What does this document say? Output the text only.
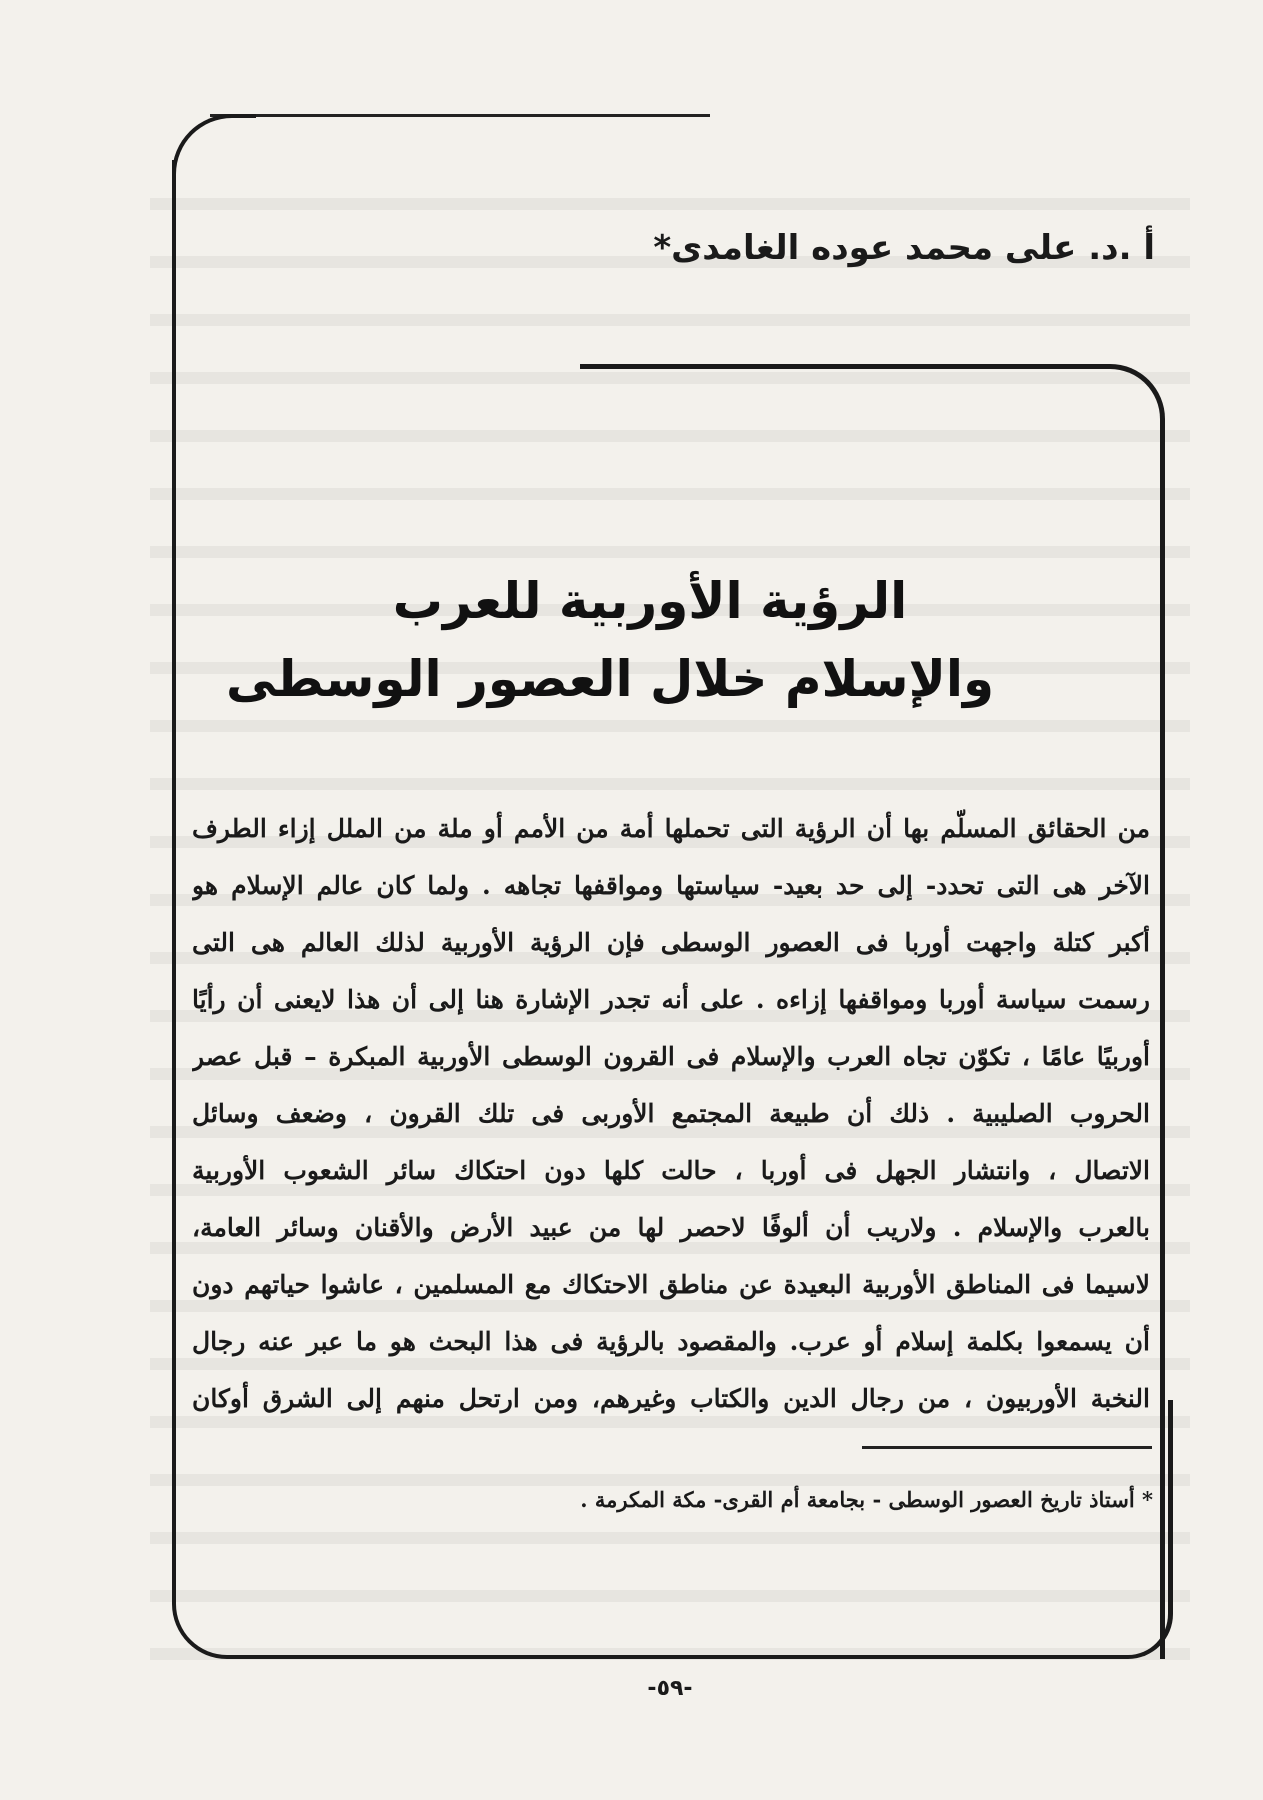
أ .د. على محمد عوده الغامدى*
الرؤية الأوربية للعرب
والإسلام خلال العصور الوسطى
من الحقائق المسلّم بها أن الرؤية التى تحملها أمة من الأمم أو ملة من الملل إزاء الطرف
الآخر هى التى تحدد- إلى حد بعيد- سياستها ومواقفها تجاهه . ولما كان عالم الإسلام هو
أكبر كتلة واجهت أوربا فى العصور الوسطى فإن الرؤية الأوربية لذلك العالم هى التى
رسمت سياسة أوربا ومواقفها إزاءه . على أنه تجدر الإشارة هنا إلى أن هذا لايعنى أن رأيًا
أوربيًا عامًا ، تكوّن تجاه العرب والإسلام فى القرون الوسطى الأوربية المبكرة – قبل عصر
الحروب الصليبية . ذلك أن طبيعة المجتمع الأوربى فى تلك القرون ، وضعف وسائل
الاتصال ، وانتشار الجهل فى أوربا ، حالت كلها دون احتكاك سائر الشعوب الأوربية
بالعرب والإسلام . ولاريب أن ألوفًا لاحصر لها من عبيد الأرض والأقنان وسائر العامة،
لاسيما فى المناطق الأوربية البعيدة عن مناطق الاحتكاك مع المسلمين ، عاشوا حياتهم دون
أن يسمعوا بكلمة إسلام أو عرب. والمقصود بالرؤية فى هذا البحث هو ما عبر عنه رجال
النخبة الأوربيون ، من رجال الدين والكتاب وغيرهم، ومن ارتحل منهم إلى الشرق أوكان
* أستاذ تاريخ العصور الوسطى - بجامعة أم القرى- مكة المكرمة .
-٥٩-
